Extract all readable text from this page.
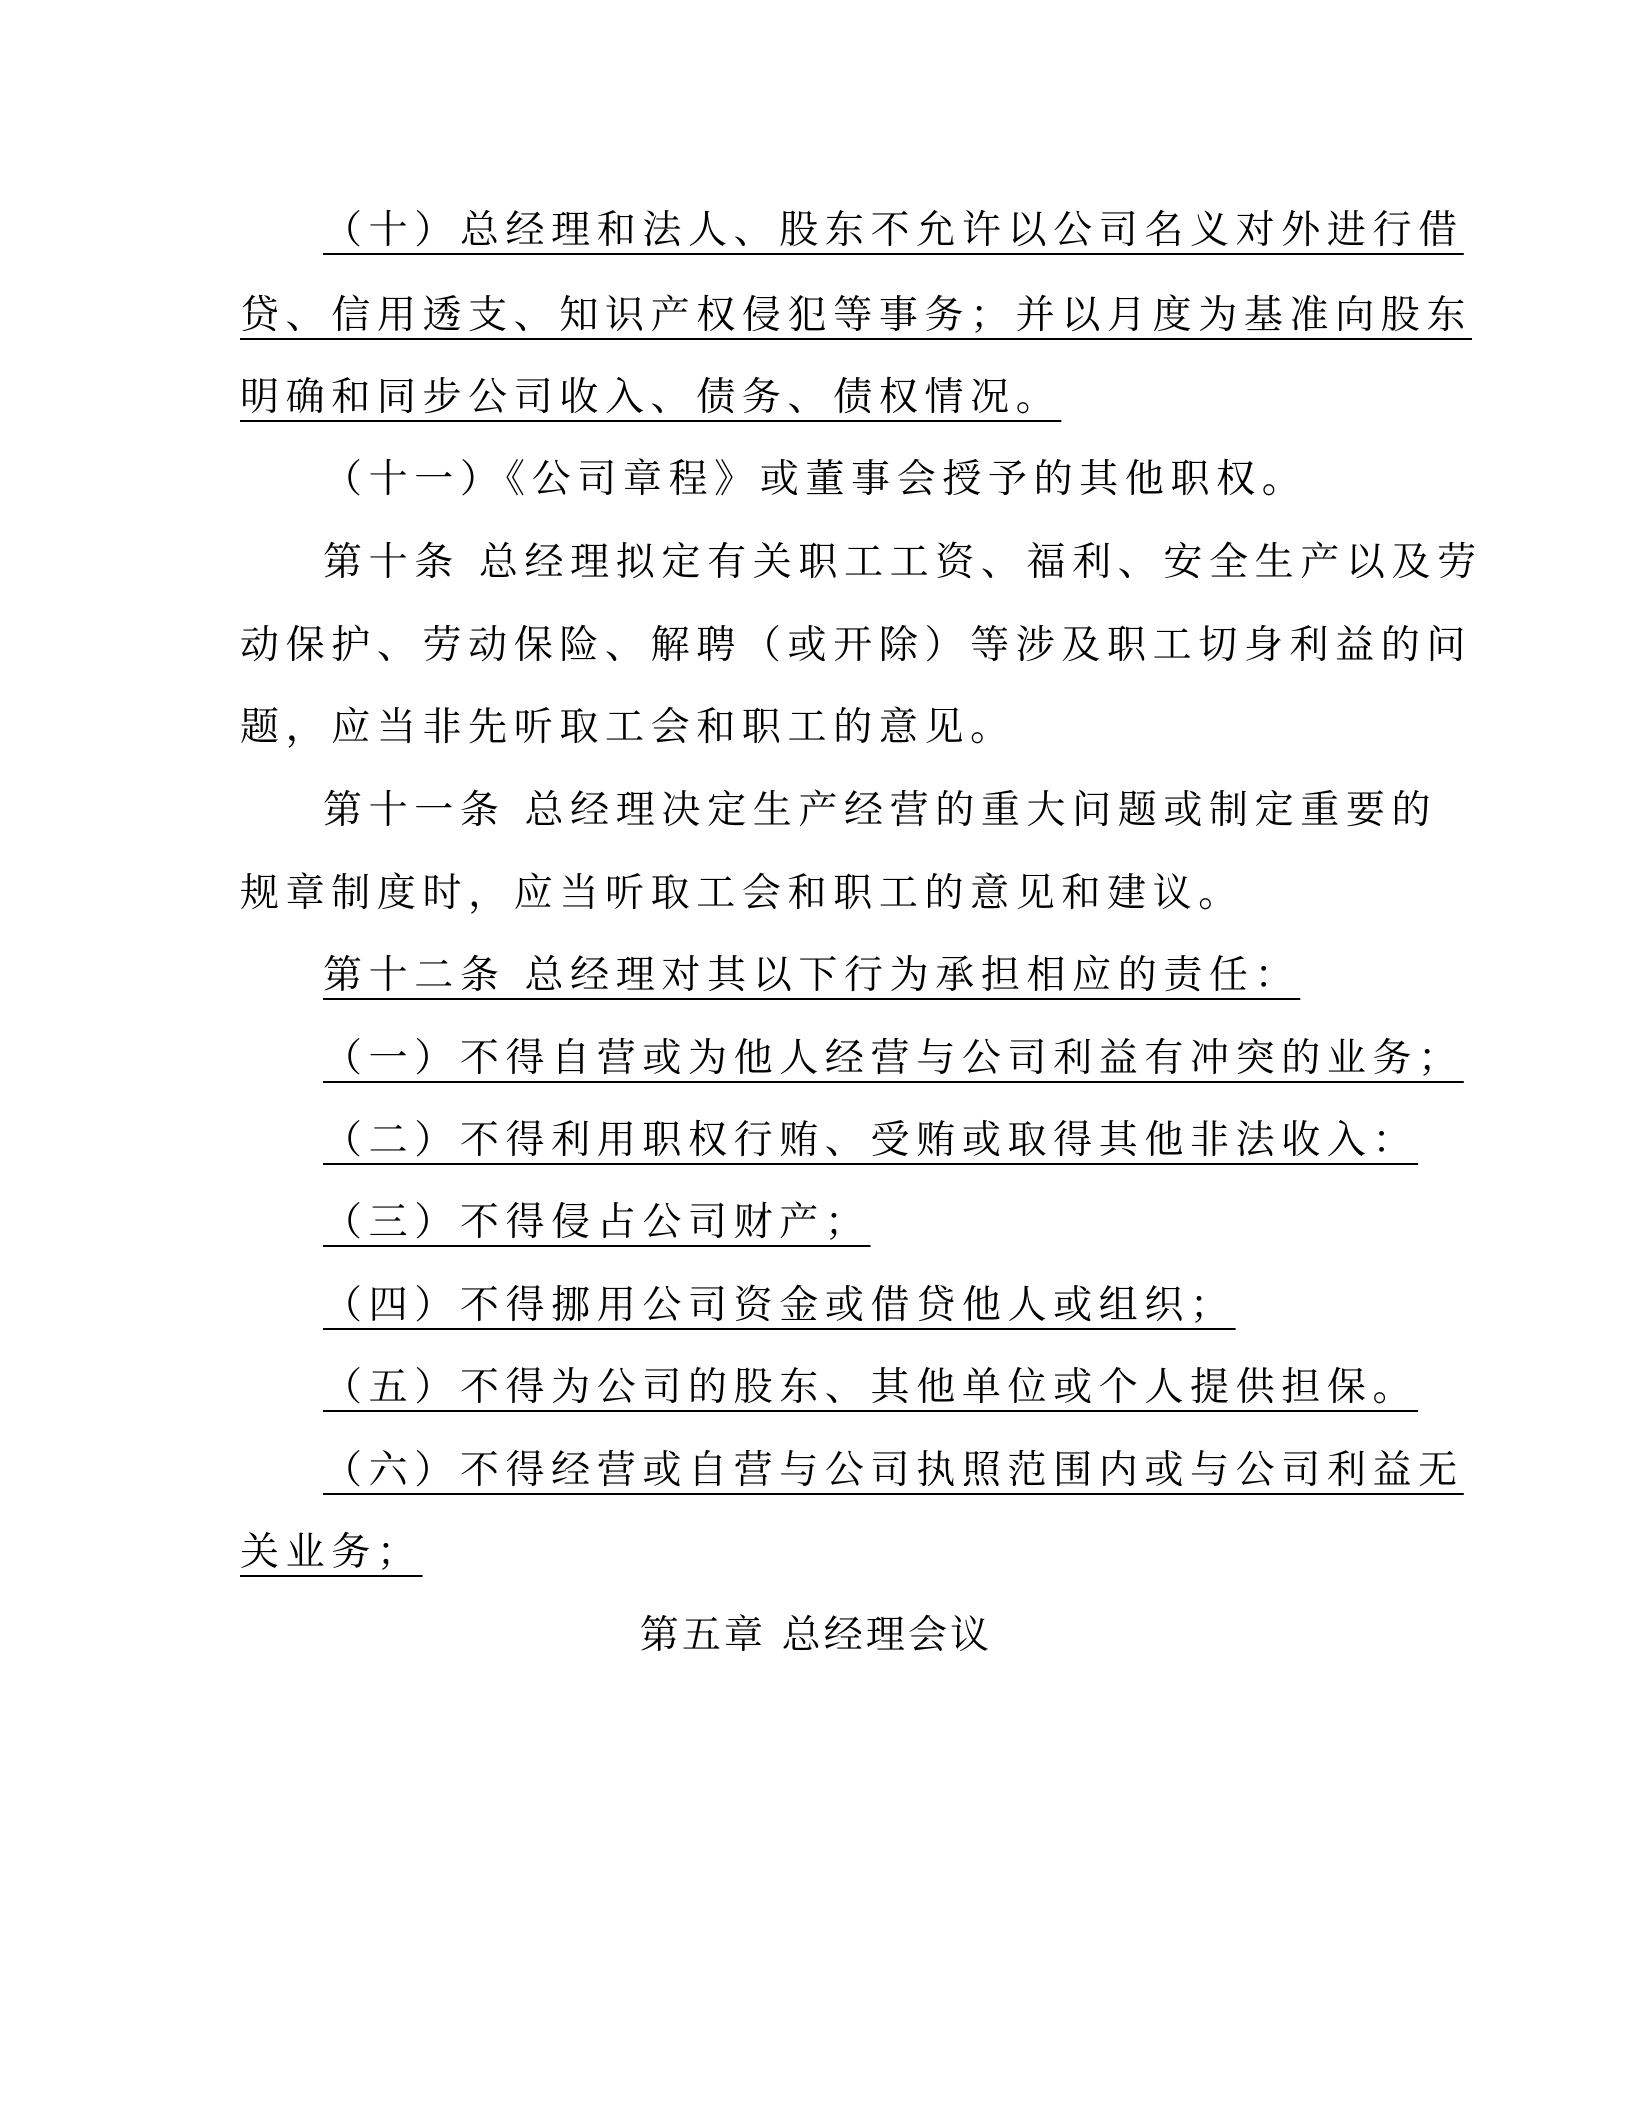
（十）总经理和法人、股东不允许以公司名义对外进行借
贷、信用透支、知识产权侵犯等事务；并以月度为基准向股东
明确和同步公司收入、债务、债权情况。
（十一）《公司章程》或董事会授予的其他职权。
第十条 总经理拟定有关职工工资、福利、安全生产以及劳
动保护、劳动保险、解聘（或开除）等涉及职工切身利益的问
题，应当非先听取工会和职工的意见。
第十一条 总经理决定生产经营的重大问题或制定重要的
规章制度时，应当听取工会和职工的意见和建议。
第十二条 总经理对其以下行为承担相应的责任：
（一）不得自营或为他人经营与公司利益有冲突的业务；
（二）不得利用职权行贿、受贿或取得其他非法收入：
（三）不得侵占公司财产；
（四）不得挪用公司资金或借贷他人或组织；
（五）不得为公司的股东、其他单位或个人提供担保。
（六）不得经营或自营与公司执照范围内或与公司利益无
关业务；
第五章 总经理会议
